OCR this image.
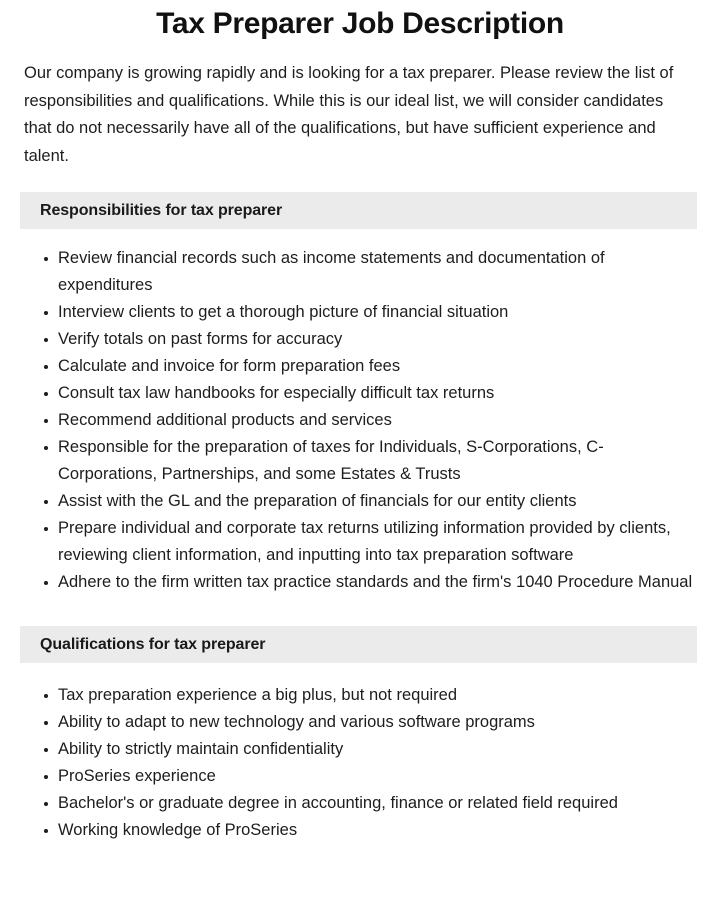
Tax Preparer Job Description

Our company is growing rapidly and is looking for a tax preparer. Please review the list of responsibilities and qualifications. While this is our ideal list, we will consider candidates that do not necessarily have all of the qualifications, but have sufficient experience and talent.

Responsibilities for tax preparer
Review financial records such as income statements and documentation of expenditures
Interview clients to get a thorough picture of financial situation
Verify totals on past forms for accuracy
Calculate and invoice for form preparation fees
Consult tax law handbooks for especially difficult tax returns
Recommend additional products and services
Responsible for the preparation of taxes for Individuals, S-Corporations, C-Corporations, Partnerships, and some Estates & Trusts
Assist with the GL and the preparation of financials for our entity clients
Prepare individual and corporate tax returns utilizing information provided by clients, reviewing client information, and inputting into tax preparation software
Adhere to the firm written tax practice standards and the firm's 1040 Procedure Manual
Qualifications for tax preparer
Tax preparation experience a big plus, but not required
Ability to adapt to new technology and various software programs
Ability to strictly maintain confidentiality
ProSeries experience
Bachelor's or graduate degree in accounting, finance or related field required
Working knowledge of ProSeries
